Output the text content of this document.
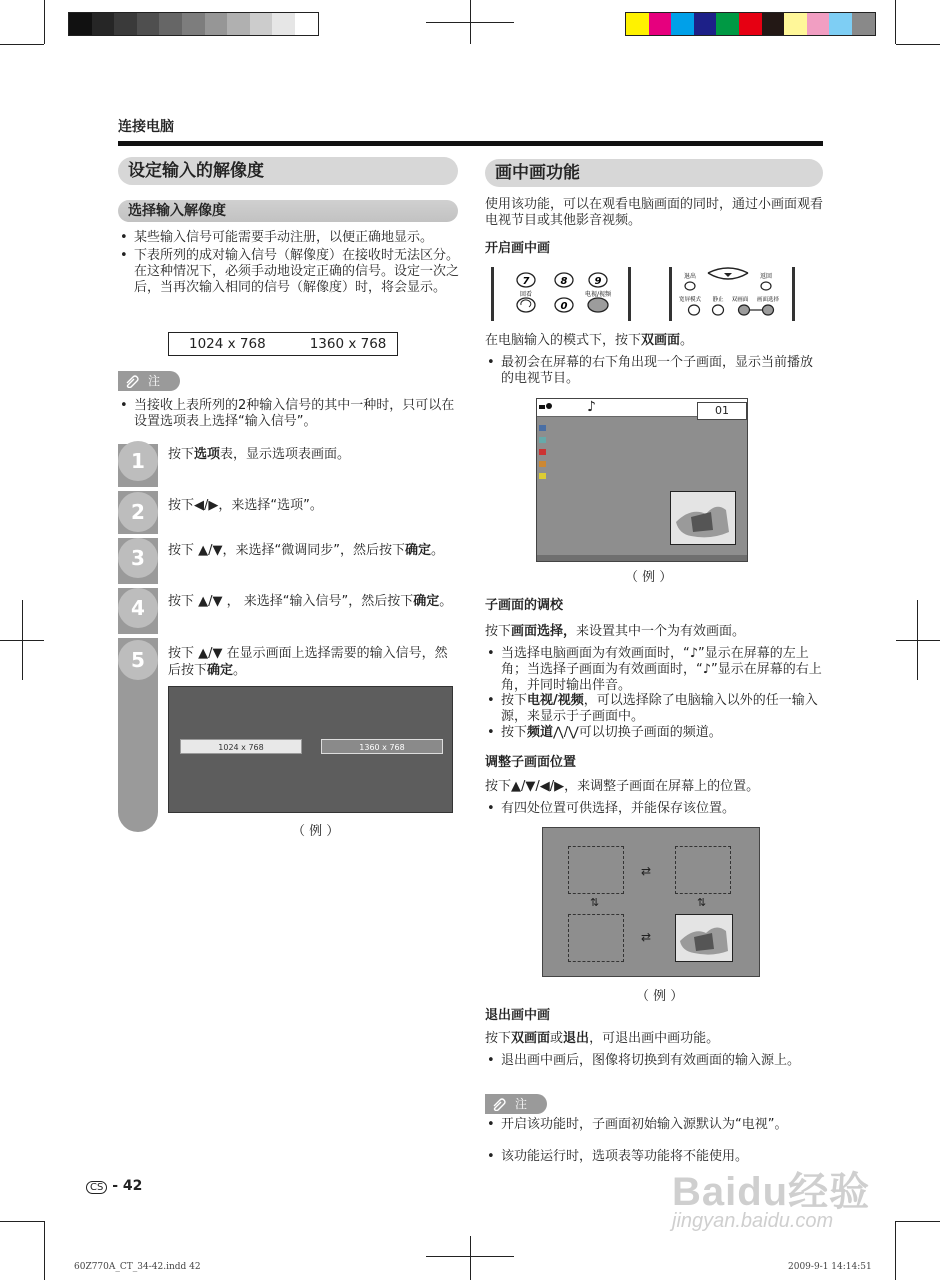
连接电脑
设定输入的解像度
选择输入解像度
• 某些输入信号可能需要手动注册，以便正确地显示。
• 下表所列的成对输入信号（解像度）在接收时无法区分。在这种情况下，必须手动地设定正确的信号。设定一次之后，当再次输入相同的信号（解像度）时，将会显示。
1024 x 768	1360 x 768
注
• 当接收上表所列的2种输入信号的其中一种时，只可以在设置选项表上选择“输入信号”。
1
2
3
4
5
按下选项表，显示选项表画面。
按下◀/▶，来选择“选项”。
按下 ▲/▼，来选择“微调同步”，然后按下确定。
按下 ▲/▼ ， 来选择“输入信号”，然后按下确定。
按下 ▲/▼ 在显示画面上选择需要的输入信号，然后按下确定。
1024 x 768	1360 x 768
（ 例 ）
画中画功能
使用该功能，可以在观看电脑画面的同时，通过小画面观看电视节目或其他影音视频。
开启画中画
7	8	9
回看	电视/视频
0
退出	返回
宽屏模式 静止 双画面 画面选择
在电脑输入的模式下，按下双画面。
• 最初会在屏幕的右下角出现一个子画面，显示当前播放的电视节目。
♪	01
（ 例 ）
子画面的调校
按下画面选择，来设置其中一个为有效画面。
• 当选择电脑画面为有效画面时，“♪”显示在屏幕的左上角；当选择子画面为有效画面时，“♪”显示在屏幕的右上角，并同时输出伴音。
• 按下电视/视频，可以选择除了电脑输入以外的任一输入源，来显示于子画面中。
• 按下频道⋀/⋁可以切换子画面的频道。
调整子画面位置
按下▲/▼/◀/▶，来调整子画面在屏幕上的位置。
• 有四处位置可供选择，并能保存该位置。
⇄
⇄
⇅	⇅
（ 例 ）
退出画中画
按下双画面或退出，可退出画中画功能。
• 退出画中画后，图像将切换到有效画面的输入源上。
注
• 开启该功能时，子画面初始输入源默认为“电视”。
• 该功能运行时，选项表等功能将不能使用。
CS - 42
60Z770A_CT_34-42.indd 42	2009-9-1 14:14:51
Baidu经验
jingyan.baidu.com
